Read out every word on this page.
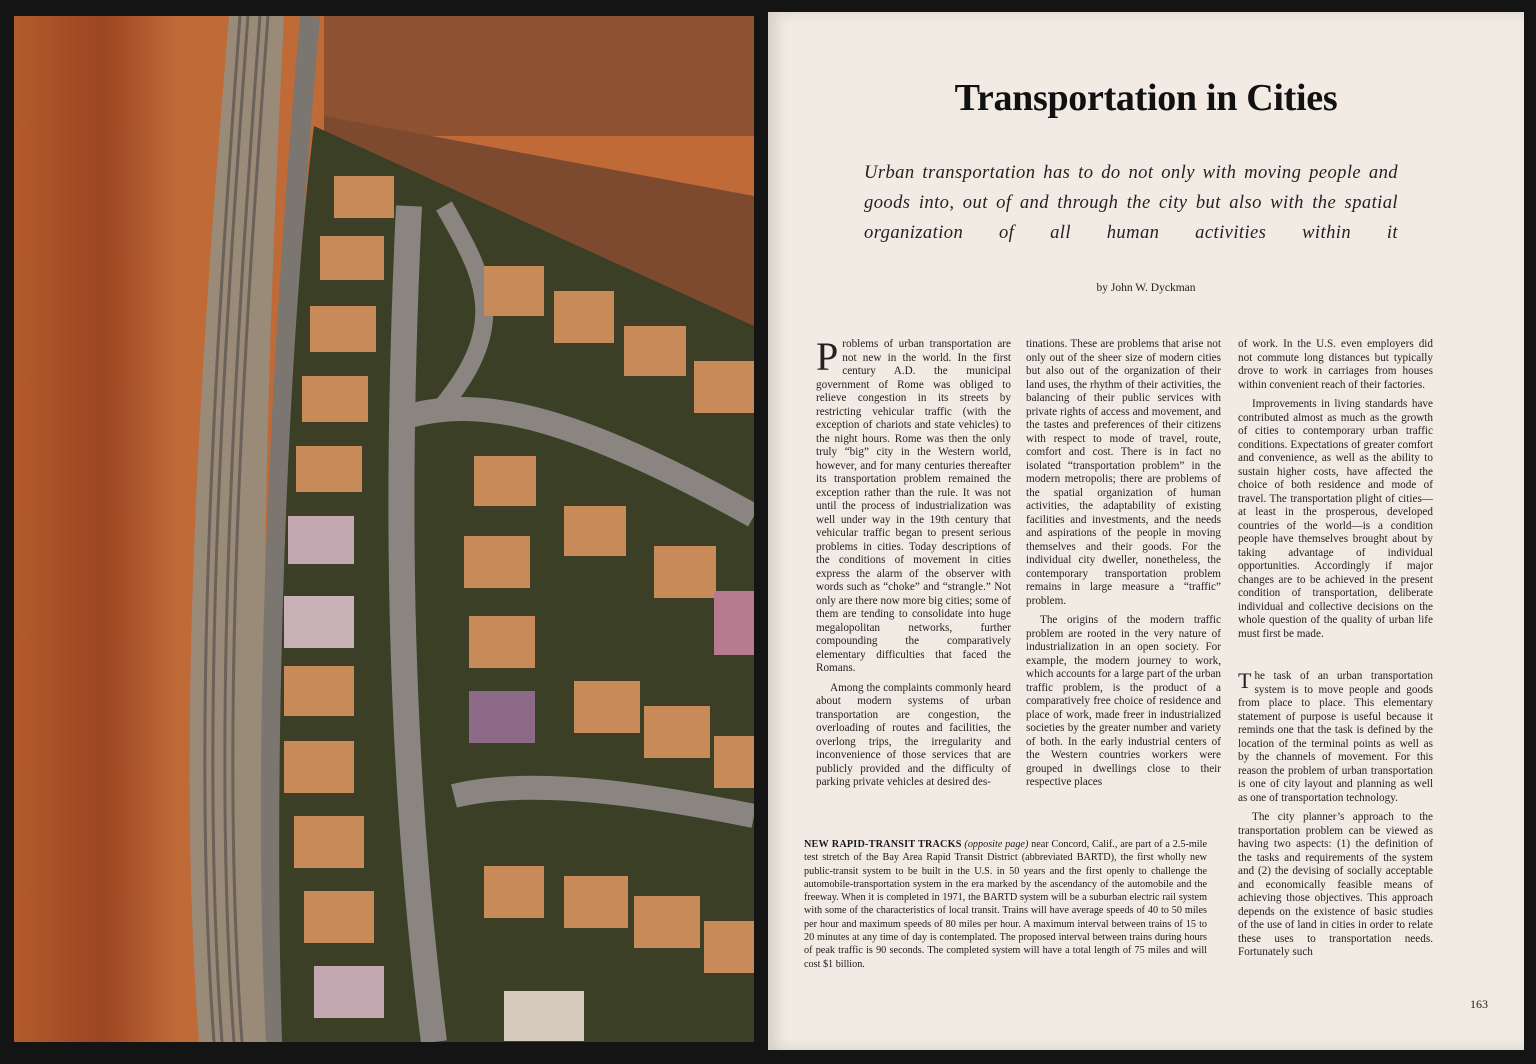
Transportation in Cities
Urban transportation has to do not only with moving people and goods into, out of and through the city but also with the spatial organization of all human activities within it
by John W. Dyckman

Problems of urban transportation are not new in the world. In the first century A.D. the municipal government of Rome was obliged to relieve congestion in its streets by restricting vehicular traffic (with the exception of chariots and state vehicles) to the night hours. Rome was then the only truly “big” city in the Western world, however, and for many centuries thereafter its transportation problem remained the exception rather than the rule. It was not until the process of industrialization was well under way in the 19th century that vehicular traffic began to present serious problems in cities. Today descriptions of the conditions of movement in cities express the alarm of the observer with words such as “choke” and “strangle.” Not only are there now more big cities; some of them are tending to consolidate into huge megalopolitan networks, further compounding the comparatively elementary difficulties that faced the Romans.

Among the complaints commonly heard about modern systems of urban transportation are congestion, the overloading of routes and facilities, the overlong trips, the irregularity and inconvenience of those services that are publicly provided and the difficulty of parking private vehicles at desired des-

tinations. These are problems that arise not only out of the sheer size of modern cities but also out of the organization of their land uses, the rhythm of their activities, the balancing of their public services with private rights of access and movement, and the tastes and preferences of their citizens with respect to mode of travel, route, comfort and cost. There is in fact no isolated “transportation problem” in the modern metropolis; there are problems of the spatial organization of human activities, the adaptability of existing facilities and investments, and the needs and aspirations of the people in moving themselves and their goods. For the individual city dweller, nonetheless, the contemporary transportation problem remains in large measure a “traffic” problem.

The origins of the modern traffic problem are rooted in the very nature of industrialization in an open society. For example, the modern journey to work, which accounts for a large part of the urban traffic problem, is the product of a comparatively free choice of residence and place of work, made freer in industrialized societies by the greater number and variety of both. In the early industrial centers of the Western countries workers were grouped in dwellings close to their respective places

of work. In the U.S. even employers did not commute long distances but typically drove to work in carriages from houses within convenient reach of their factories.

Improvements in living standards have contributed almost as much as the growth of cities to contemporary urban traffic conditions. Expectations of greater comfort and convenience, as well as the ability to sustain higher costs, have affected the choice of both residence and mode of travel. The transportation plight of cities—at least in the prosperous, developed countries of the world—is a condition people have themselves brought about by taking advantage of individual opportunities. Accordingly if major changes are to be achieved in the present condition of transportation, deliberate individual and collective decisions on the whole question of the quality of urban life must first be made.

The task of an urban transportation system is to move people and goods from place to place. This elementary statement of purpose is useful because it reminds one that the task is defined by the location of the terminal points as well as by the channels of movement. For this reason the problem of urban transportation is one of city layout and planning as well as one of transportation technology.

The city planner’s approach to the transportation problem can be viewed as having two aspects: (1) the definition of the tasks and requirements of the system and (2) the devising of socially acceptable and economically feasible means of achieving those objectives. This approach depends on the existence of basic studies of the use of land in cities in order to relate these uses to transportation needs. Fortunately such

NEW RAPID-TRANSIT TRACKS (opposite page) near Concord, Calif., are part of a 2.5-mile test stretch of the Bay Area Rapid Transit District (abbreviated BARTD), the first wholly new public-transit system to be built in the U.S. in 50 years and the first openly to challenge the automobile-transportation system in the era marked by the ascendancy of the automobile and the freeway. When it is completed in 1971, the BARTD system will be a suburban electric rail system with some of the characteristics of local transit. Trains will have average speeds of 40 to 50 miles per hour and maximum speeds of 80 miles per hour. A maximum interval between trains of 15 to 20 minutes at any time of day is contemplated. The proposed interval between trains during hours of peak traffic is 90 seconds. The completed system will have a total length of 75 miles and will cost $1 billion.
163
